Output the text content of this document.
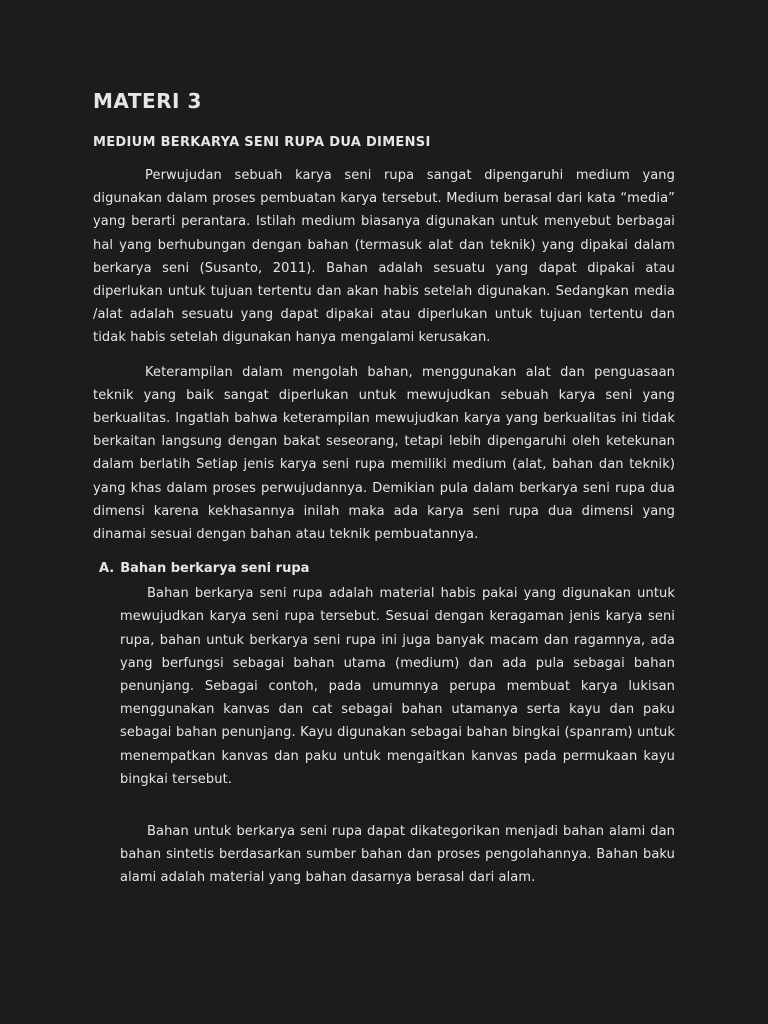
MATERI 3
MEDIUM BERKARYA SENI RUPA DUA DIMENSI

Perwujudan sebuah karya seni rupa sangat dipengaruhi medium yang digunakan dalam proses pembuatan karya tersebut. Medium berasal dari kata “media” yang berarti perantara. Istilah medium biasanya digunakan untuk menyebut berbagai hal yang berhubungan dengan bahan (termasuk alat dan teknik) yang dipakai dalam berkarya seni (Susanto, 2011). Bahan adalah sesuatu yang dapat dipakai atau diperlukan untuk tujuan tertentu dan akan habis setelah digunakan. Sedangkan media /alat adalah sesuatu yang dapat dipakai atau diperlukan untuk tujuan tertentu dan tidak habis setelah digunakan hanya mengalami kerusakan.

Keterampilan dalam mengolah bahan, menggunakan alat dan penguasaan teknik yang baik sangat diperlukan untuk mewujudkan sebuah karya seni yang berkualitas. Ingatlah bahwa keterampilan mewujudkan karya yang berkualitas ini tidak berkaitan langsung dengan bakat seseorang, tetapi lebih dipengaruhi oleh ketekunan dalam berlatih Setiap jenis karya seni rupa memiliki medium (alat, bahan dan teknik) yang khas dalam proses perwujudannya. Demikian pula dalam berkarya seni rupa dua dimensi karena kekhasannya inilah maka ada karya seni rupa dua dimensi yang dinamai sesuai dengan bahan atau teknik pembuatannya.

A. Bahan berkarya seni rupa

Bahan berkarya seni rupa adalah material habis pakai yang digunakan untuk mewujudkan karya seni rupa tersebut. Sesuai dengan keragaman jenis karya seni rupa, bahan untuk berkarya seni rupa ini juga banyak macam dan ragamnya, ada yang berfungsi sebagai bahan utama (medium) dan ada pula sebagai bahan penunjang. Sebagai contoh, pada umumnya perupa membuat karya lukisan menggunakan kanvas dan cat sebagai bahan utamanya serta kayu dan paku sebagai bahan penunjang. Kayu digunakan sebagai bahan bingkai (spanram) untuk menempatkan kanvas dan paku untuk mengaitkan kanvas pada permukaan kayu bingkai tersebut.

Bahan untuk berkarya seni rupa dapat dikategorikan menjadi bahan alami dan bahan sintetis berdasarkan sumber bahan dan proses pengolahannya. Bahan baku alami adalah material yang bahan dasarnya berasal dari alam.
